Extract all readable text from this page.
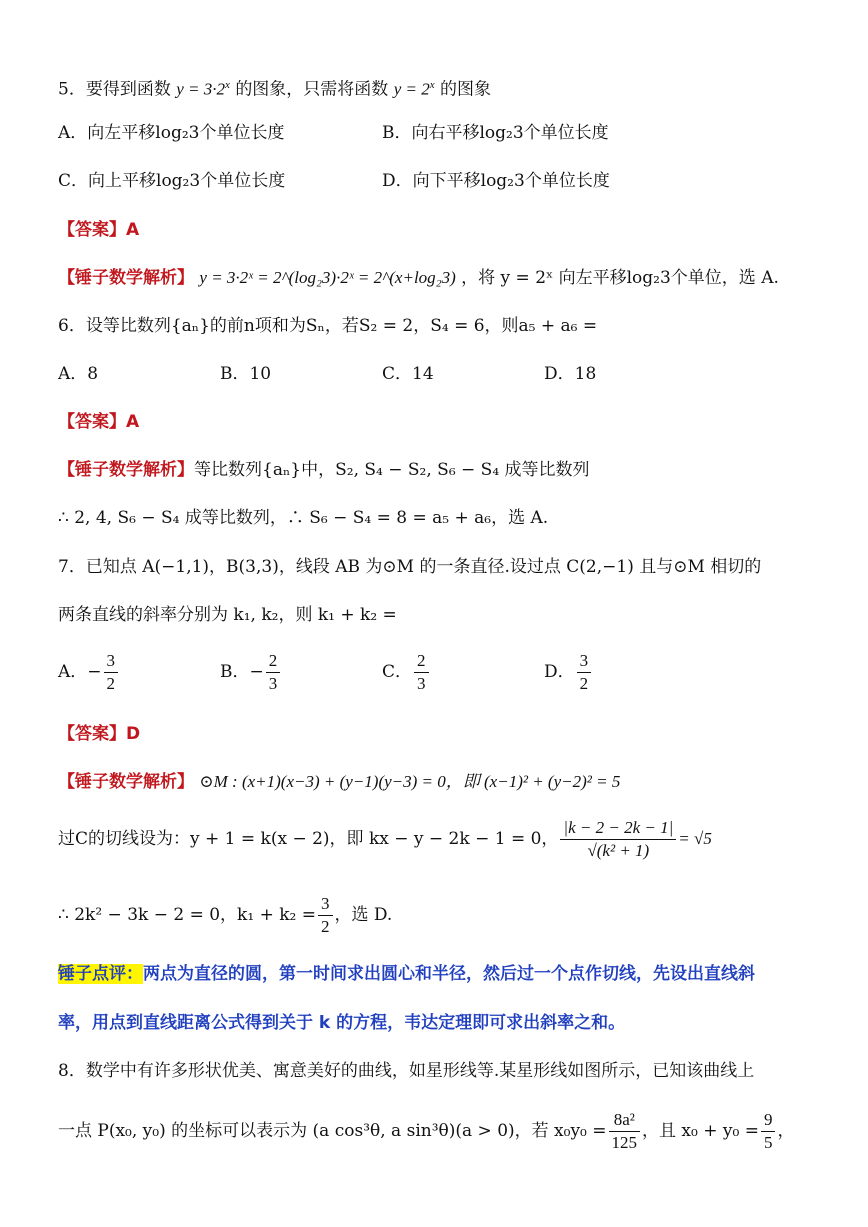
5．要得到函数 $y = 3\cdot 2^x$ 的图象，只需将函数 $y = 2^x$ 的图象
A．向左平移log₂3个单位长度	B．向右平移log₂3个单位长度
C．向上平移log₂3个单位长度	D．向下平移log₂3个单位长度
【答案】A
【锤子数学解析】 y = 3·2ˣ = 2^(log₂3)·2ˣ = 2^(x+log₂3) ，将 y = 2ˣ 向左平移log₂3个单位，选 A.
6．设等比数列{aₙ}的前n项和为Sₙ，若S₂ = 2，S₄ = 6，则a₅ + a₆ =
A．8	B．10	C．14	D．18
【答案】A
【锤子数学解析】等比数列{aₙ}中，S₂, S₄ − S₂, S₆ − S₄ 成等比数列
∴ 2, 4, S₆ − S₄ 成等比数列，∴ S₆ − S₄ = 8 = a₅ + a₆，选 A.
7．已知点 A(−1,1)，B(3,3)，线段 AB 为⊙M 的一条直径.设过点 C(2,−1) 且与⊙M 相切的
两条直线的斜率分别为 k₁, k₂，则 k₁ + k₂ =
A．− $\frac{3}{2}$	B．− $\frac{2}{3}$	C． $\frac{2}{3}$	D． $\frac{3}{2}$
【答案】D
【锤子数学解析】 ⊙M : (x+1)(x−3) + (y−1)(y−3) = 0，即 (x−1)² + (y−2)² = 5
过C的切线设为：y + 1 = k(x − 2)，即 kx − y − 2k − 1 = 0， $\frac{|k - 2 - 2k - 1|}{\text{√(k² + 1)}} = √5$
∴ 2k² − 3k − 2 = 0，$k_1 + k_2 = \frac{3}{2}$ ，选 D.
锤子点评：两点为直径的圆，第一时间求出圆心和半径，然后过一个点作切线，先设出直线斜
率，用点到直线距离公式得到关于 k 的方程，韦达定理即可求出斜率之和。
8．数学中有许多形状优美、寓意美好的曲线，如星形线等.某星形线如图所示，已知该曲线上
一点 P(x₀, y₀) 的坐标可以表示为 (a cos³θ, a sin³θ)(a > 0)，若 $x_0y_0 = \frac{\text{8a²}}{125}$ ，且 $x_0 + y_0 = \frac{9}{5}$ ，
